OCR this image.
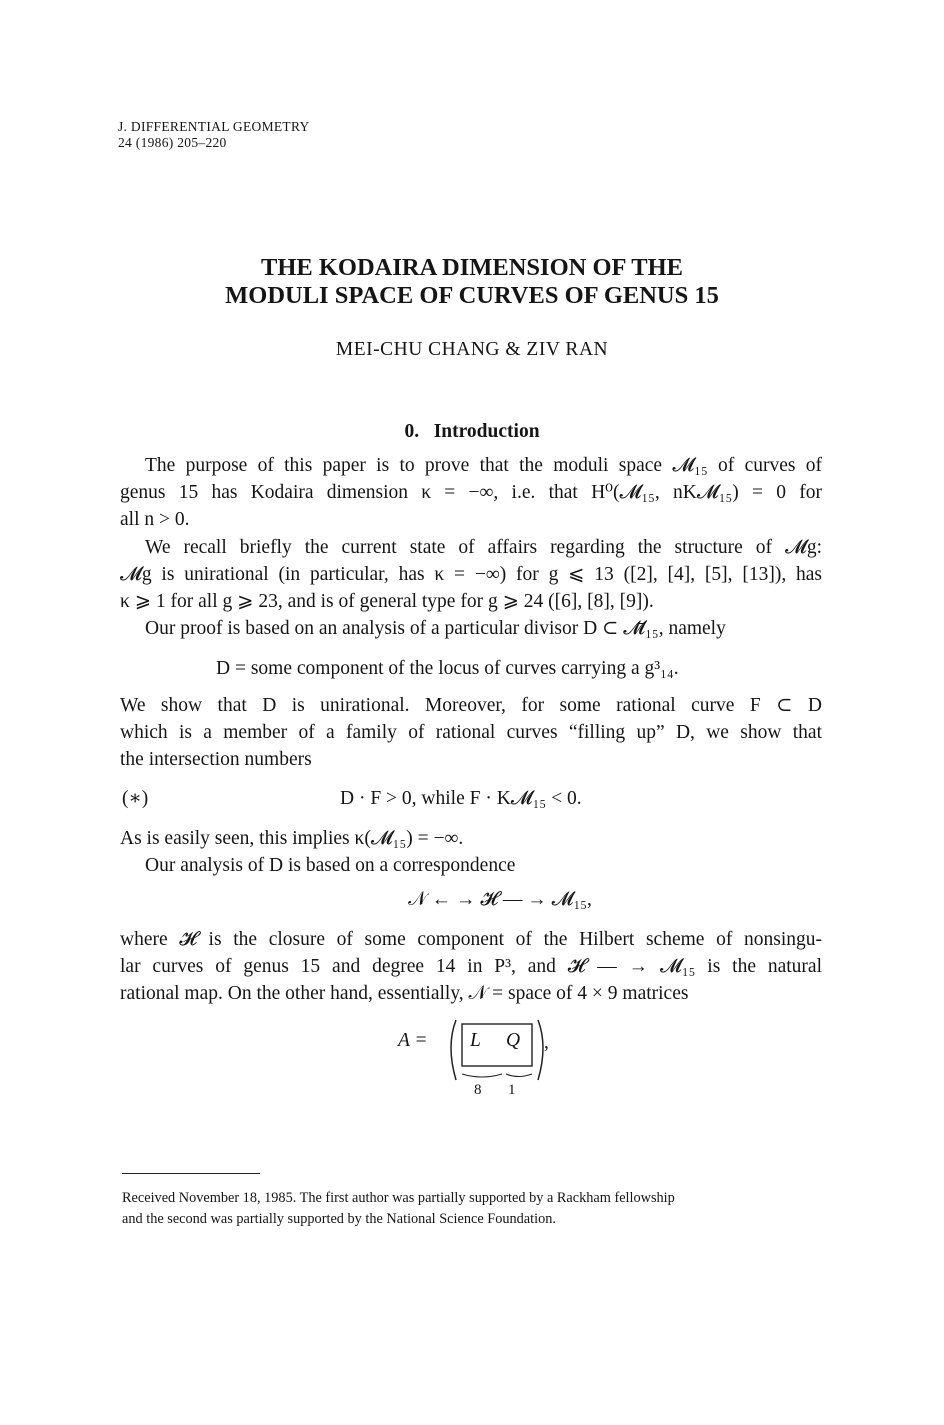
J. DIFFERENTIAL GEOMETRY
24 (1986) 205–220
THE KODAIRA DIMENSION OF THE
MODULI SPACE OF CURVES OF GENUS 15
MEI-CHU CHANG & ZIV RAN
0. Introduction
The purpose of this paper is to prove that the moduli space 𝓜₁₅ of curves of
genus 15 has Kodaira dimension κ = −∞, i.e. that H⁰(𝓜₁₅, nK𝓜₁₅) = 0 for
all n > 0.
We recall briefly the current state of affairs regarding the structure of 𝓜g:
𝓜g is unirational (in particular, has κ = −∞) for g ⩽ 13 ([2], [4], [5], [13]), has
κ ⩾ 1 for all g ⩾ 23, and is of general type for g ⩾ 24 ([6], [8], [9]).
Our proof is based on an analysis of a particular divisor D ⊂ 𝓜̄₁₅, namely
D = some component of the locus of curves carrying a g³₁₄.
We show that D is unirational. Moreover, for some rational curve F ⊂ D
which is a member of a family of rational curves “filling up” D, we show that
the intersection numbers
(∗)	D · F > 0, while F · K𝓜₁₅ < 0.
As is easily seen, this implies κ(𝓜₁₅) = −∞.
Our analysis of D is based on a correspondence
𝒩 ← → 𝓗 — → 𝓜₁₅,
where 𝓗 is the closure of some component of the Hilbert scheme of nonsingu-
lar curves of genus 15 and degree 14 in P³, and 𝓗 — → 𝓜₁₅ is the natural
rational map. On the other hand, essentially, 𝒩 = space of 4 × 9 matrices
A = L Q ,
8 1
Received November 18, 1985. The first author was partially supported by a Rackham fellowship
and the second was partially supported by the National Science Foundation.
